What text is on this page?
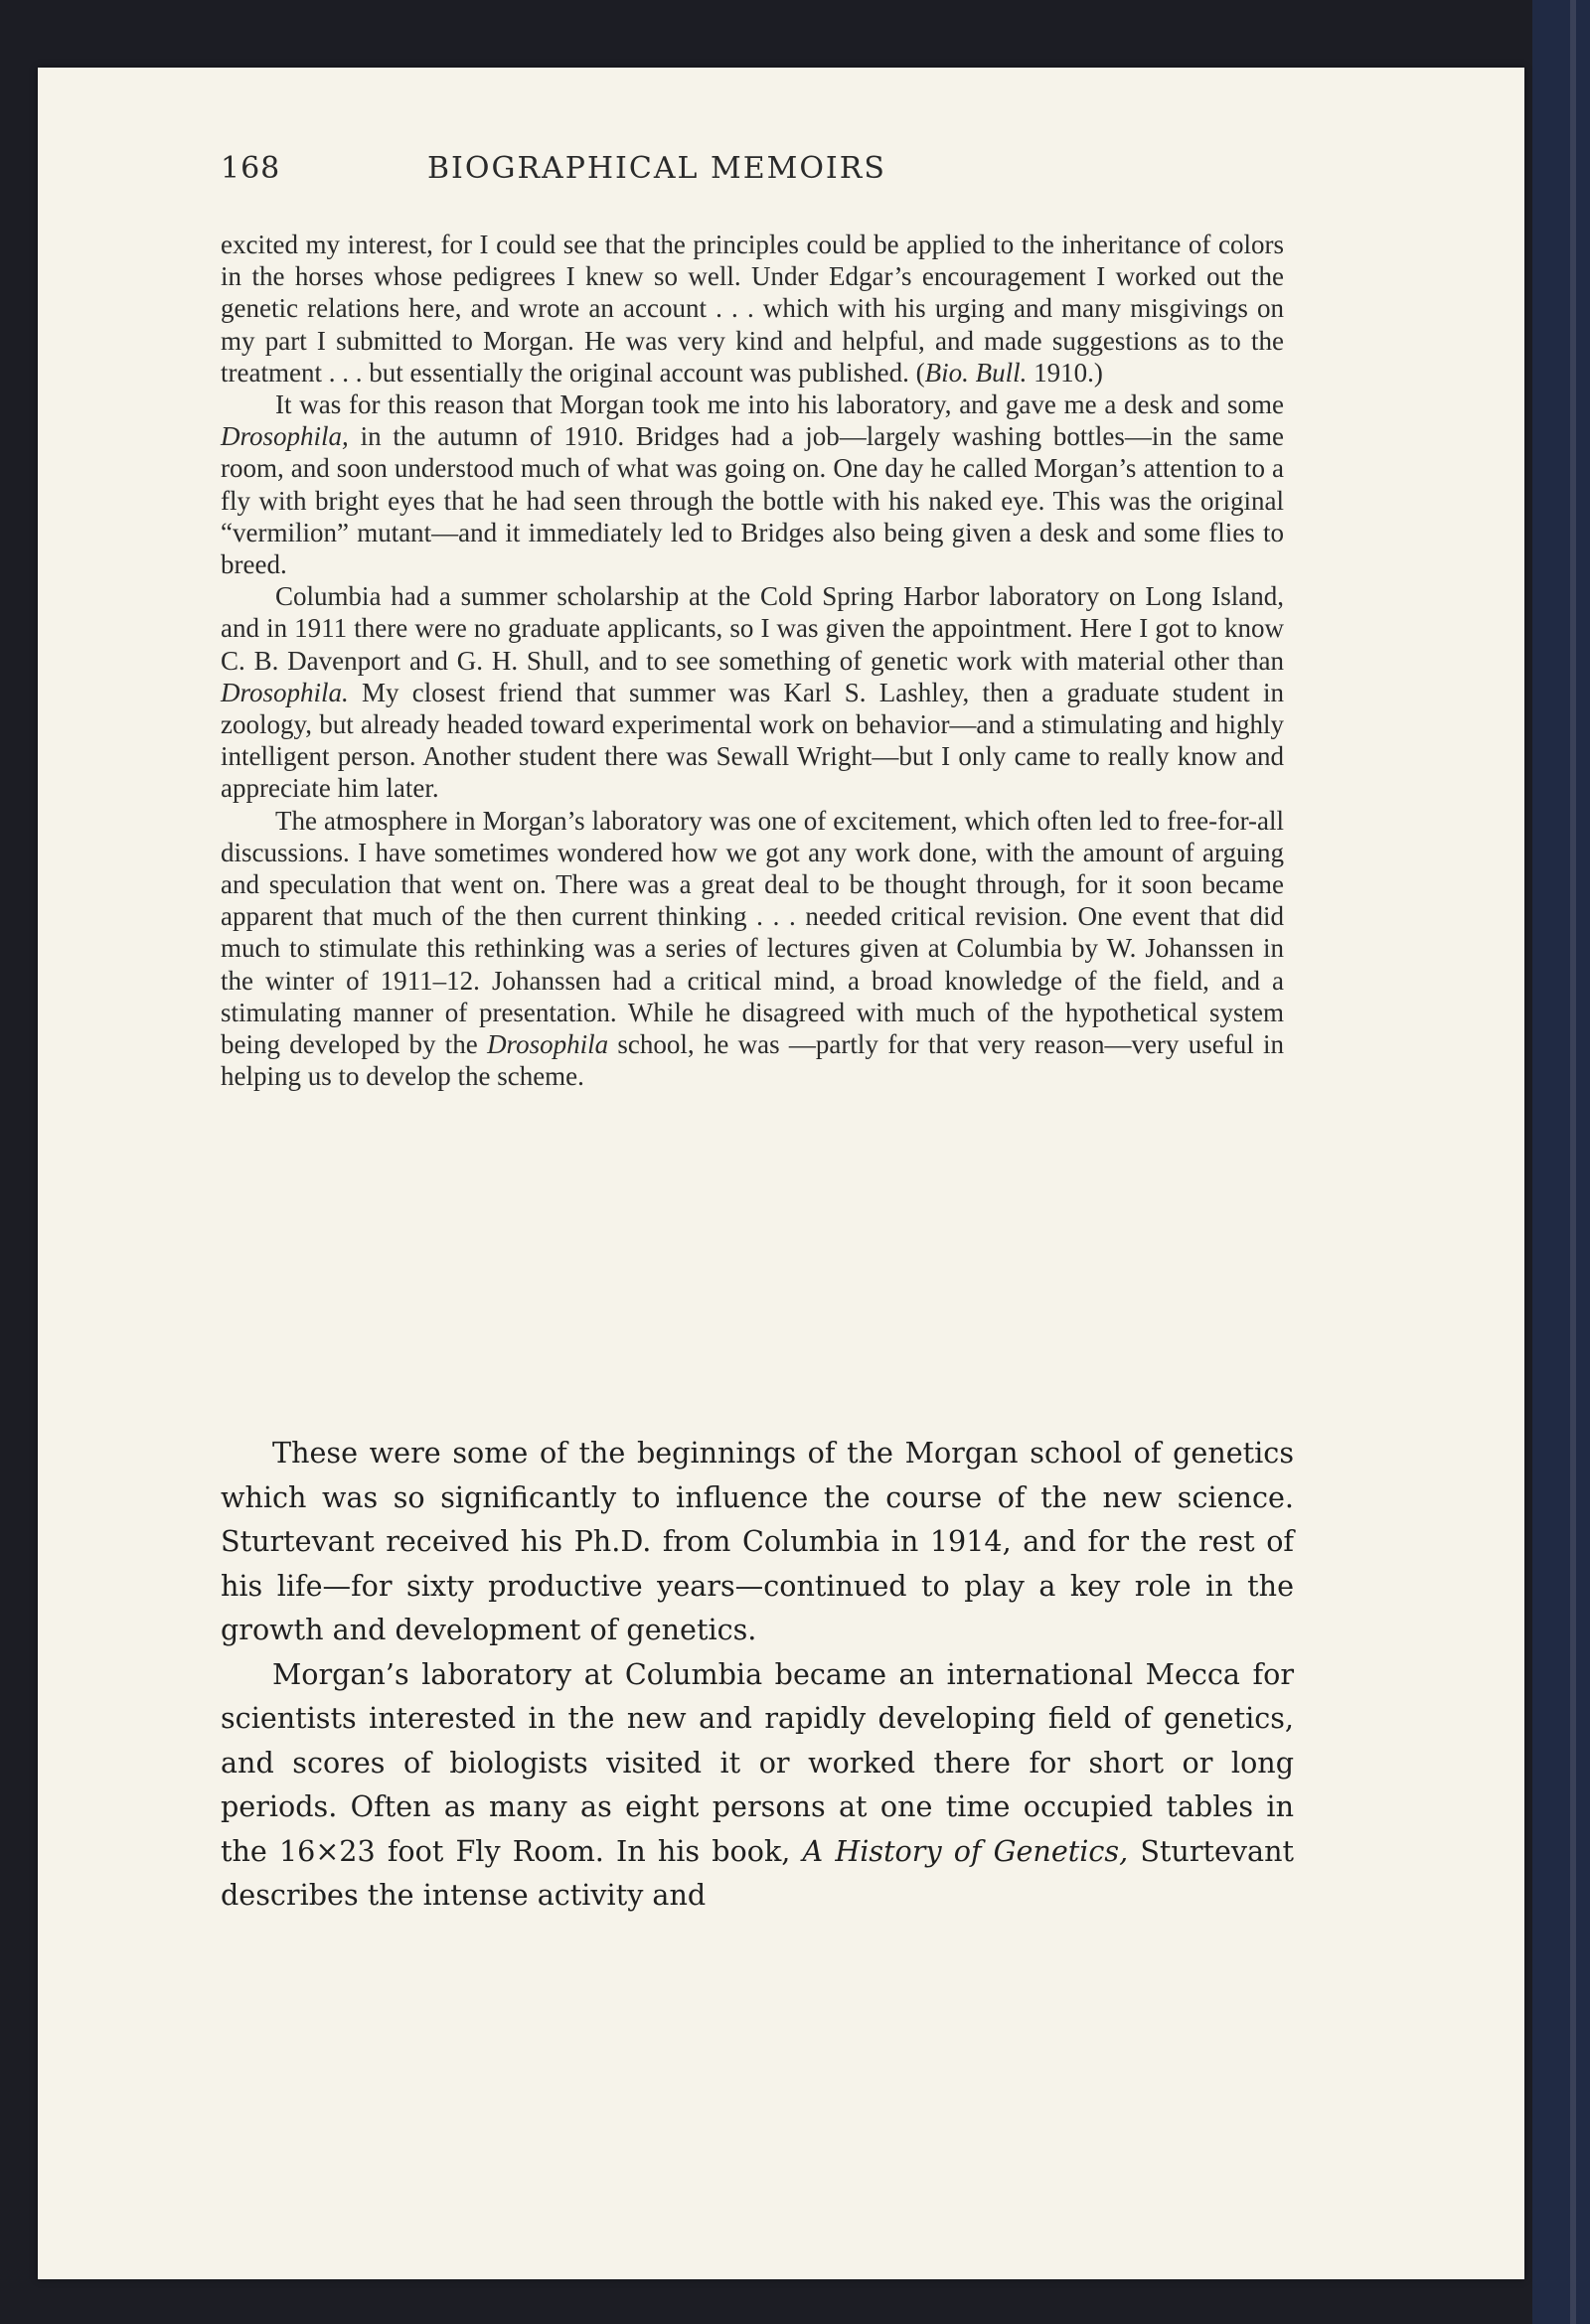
168	BIOGRAPHICAL MEMOIRS

excited my interest, for I could see that the principles could be applied to the inheritance of colors in the horses whose pedigrees I knew so well. Under Edgar’s encouragement I worked out the genetic relations here, and wrote an account . . . which with his urging and many misgivings on my part I submitted to Morgan. He was very kind and helpful, and made suggestions as to the treatment . . . but essentially the original account was published. (Bio. Bull. 1910.)

It was for this reason that Morgan took me into his laboratory, and gave me a desk and some Drosophila, in the autumn of 1910. Bridges had a job—largely washing bottles—in the same room, and soon understood much of what was going on. One day he called Morgan’s attention to a fly with bright eyes that he had seen through the bottle with his naked eye. This was the original “vermilion” mutant—and it immediately led to Bridges also being given a desk and some flies to breed.

Columbia had a summer scholarship at the Cold Spring Harbor laboratory on Long Island, and in 1911 there were no graduate applicants, so I was given the appointment. Here I got to know C. B. Davenport and G. H. Shull, and to see something of genetic work with material other than Drosophila. My closest friend that summer was Karl S. Lashley, then a graduate student in zoology, but already headed toward experimental work on behavior—and a stimulating and highly intelligent person. Another student there was Sewall Wright—but I only came to really know and appreciate him later.

The atmosphere in Morgan’s laboratory was one of excitement, which often led to free-for-all discussions. I have sometimes wondered how we got any work done, with the amount of arguing and speculation that went on. There was a great deal to be thought through, for it soon became apparent that much of the then current thinking . . . needed critical revision. One event that did much to stimulate this rethinking was a series of lectures given at Columbia by W. Johanssen in the winter of 1911–12. Johanssen had a critical mind, a broad knowledge of the field, and a stimulating manner of presentation. While he disagreed with much of the hypothetical system being developed by the Drosophila school, he was —partly for that very reason—very useful in helping us to develop the scheme.

These were some of the beginnings of the Morgan school of genetics which was so significantly to influence the course of the new science. Sturtevant received his Ph.D. from Columbia in 1914, and for the rest of his life—for sixty productive years—continued to play a key role in the growth and development of genetics.

Morgan’s laboratory at Columbia became an international Mecca for scientists interested in the new and rapidly developing field of genetics, and scores of biologists visited it or worked there for short or long periods. Often as many as eight persons at one time occupied tables in the 16×23 foot Fly Room. In his book, A History of Genetics, Sturtevant describes the intense activity and
